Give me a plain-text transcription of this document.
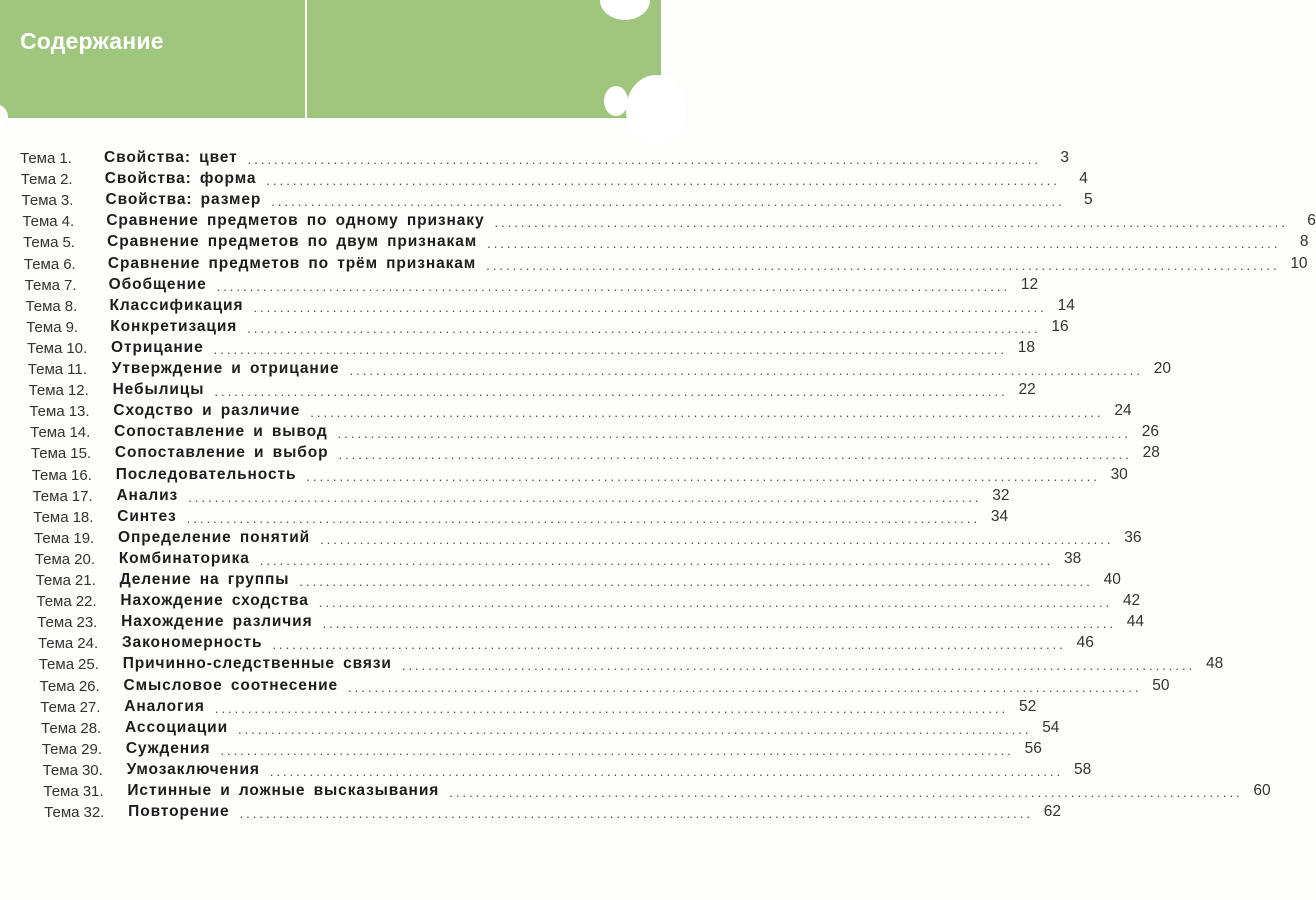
Содержание
Тема 1.	Свойства: цвет ........................................................................................................................	3
Тема 2.	Свойства: форма ........................................................................................................................	4
Тема 3.	Свойства: размер ........................................................................................................................	5
Тема 4.	Сравнение предметов по одному признаку ........................................................................................................................	6
Тема 5.	Сравнение предметов по двум признакам ........................................................................................................................	8
Тема 6.	Сравнение предметов по трём признакам ........................................................................................................................ 10
Тема 7.	Обобщение ........................................................................................................................ 12
Тема 8.	Классификация ........................................................................................................................ 14
Тема 9.	Конкретизация ........................................................................................................................ 16
Тема 10.	Отрицание ........................................................................................................................ 18
Тема 11.	Утверждение и отрицание ........................................................................................................................ 20
Тема 12.	Небылицы ........................................................................................................................ 22
Тема 13.	Сходство и различие ........................................................................................................................ 24
Тема 14.	Сопоставление и вывод ........................................................................................................................ 26
Тема 15.	Сопоставление и выбор ........................................................................................................................ 28
Тема 16.	Последовательность ........................................................................................................................ 30
Тема 17.	Анализ ........................................................................................................................ 32
Тема 18.	Синтез ........................................................................................................................ 34
Тема 19.	Определение понятий ........................................................................................................................ 36
Тема 20.	Комбинаторика ........................................................................................................................ 38
Тема 21.	Деление на группы ........................................................................................................................ 40
Тема 22.	Нахождение сходства ........................................................................................................................ 42
Тема 23.	Нахождение различия ........................................................................................................................ 44
Тема 24.	Закономерность ........................................................................................................................ 46
Тема 25.	Причинно-следственные связи ........................................................................................................................ 48
Тема 26.	Смысловое соотнесение ........................................................................................................................ 50
Тема 27.	Аналогия ........................................................................................................................ 52
Тема 28.	Ассоциации ........................................................................................................................ 54
Тема 29.	Суждения ........................................................................................................................ 56
Тема 30.	Умозаключения ........................................................................................................................ 58
Тема 31.	Истинные и ложные высказывания ........................................................................................................................ 60
Тема 32.	Повторение ........................................................................................................................ 62
